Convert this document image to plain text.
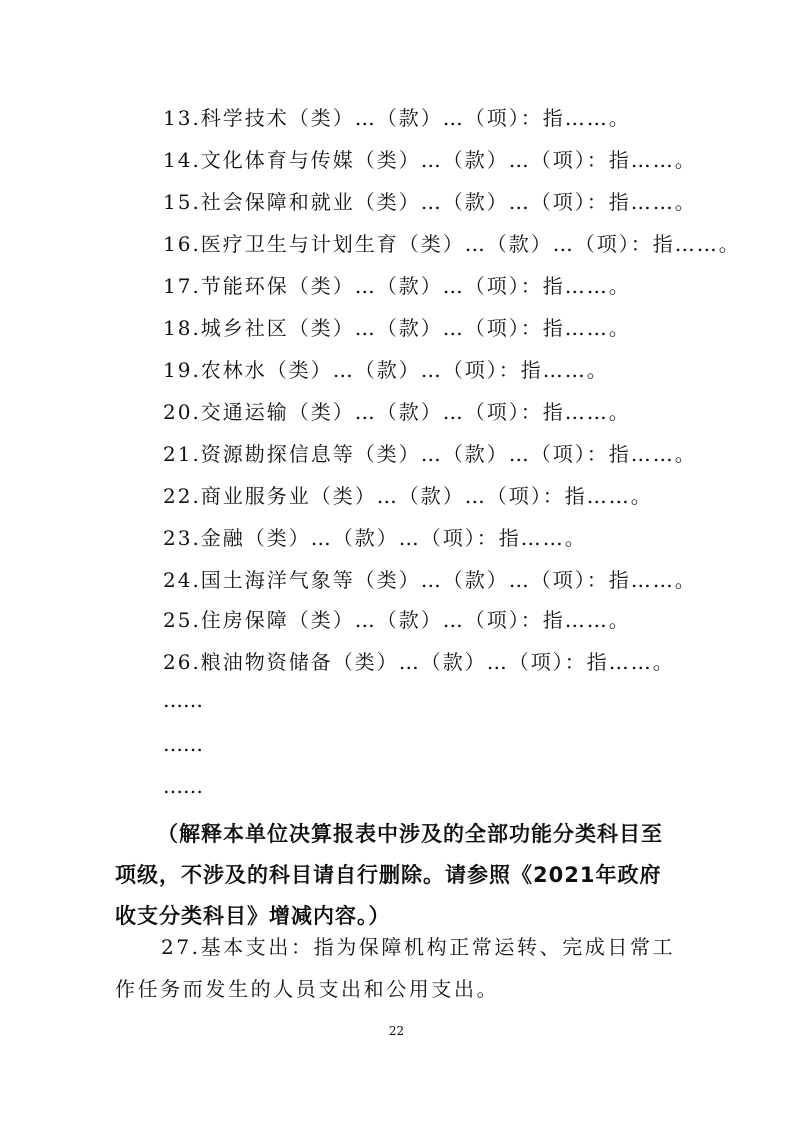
13.科学技术（类）…（款）…（项）：指……。
14.文化体育与传媒（类）…（款）…（项）：指……。
15.社会保障和就业（类）…（款）…（项）：指……。
16.医疗卫生与计划生育（类）…（款）…（项）：指……。
17.节能环保（类）…（款）…（项）：指……。
18.城乡社区（类）…（款）…（项）：指……。
19.农林水（类）…（款）…（项）：指……。
20.交通运输（类）…（款）…（项）：指……。
21.资源勘探信息等（类）…（款）…（项）：指……。
22.商业服务业（类）…（款）…（项）：指……。
23.金融（类）…（款）…（项）：指……。
24.国土海洋气象等（类）…（款）…（项）：指……。
25.住房保障（类）…（款）…（项）：指……。
26.粮油物资储备（类）…（款）…（项）：指……。
……
……
……
（解释本单位决算报表中涉及的全部功能分类科目至项级，不涉及的科目请自行删除。请参照《2021年政府收支分类科目》增减内容。）
27.基本支出：指为保障机构正常运转、完成日常工作任务而发生的人员支出和公用支出。
22
